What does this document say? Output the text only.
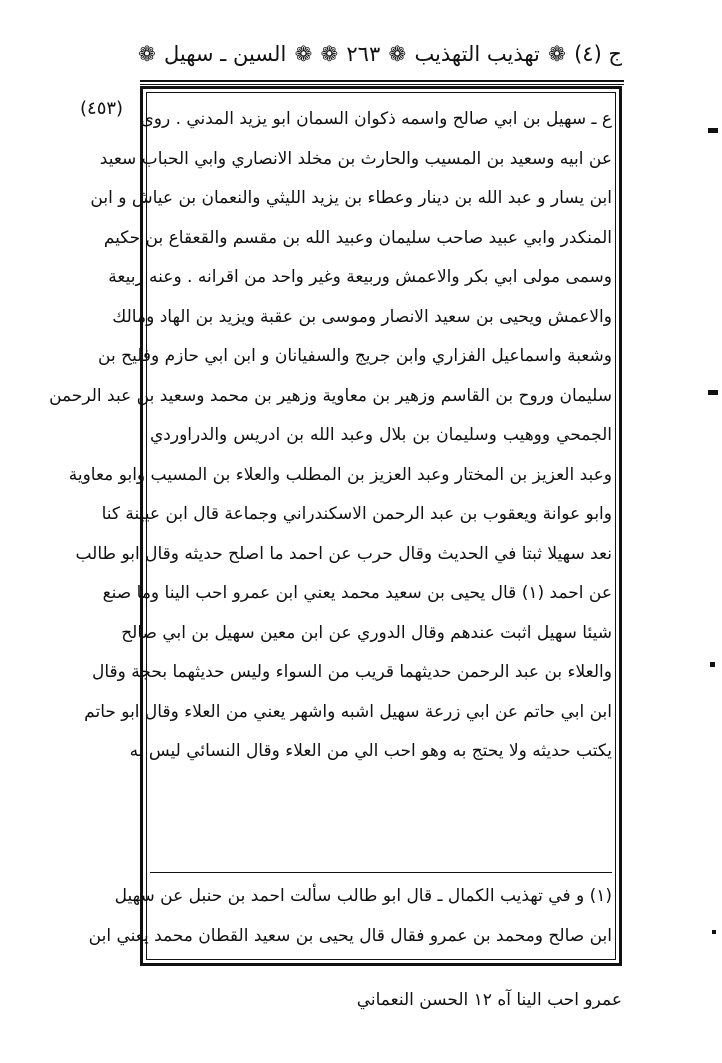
ج (٤)
❁
تهذيب التهذيب
❁
٢٦٣
❁
❁
السين ـ سهيل
❁
(٤٥٣) ع ـ سهيل بن ابي صالح واسمه ذكوان السمان ابو يزيد المدني . روى
عن ابيه وسعيد بن المسيب والحارث بن مخلد الانصاري وابي الحباب سعيد
ابن يسار و عبد الله بن دينار وعطاء بن يزيد الليثي والنعمان بن عياش و ابن
المنكدر وابي عبيد صاحب سليمان وعبيد الله بن مقسم والقعقاع بن حكيم
وسمى مولى ابي بكر والاعمش وربيعة وغير واحد من اقرانه . وعنه ربيعة
والاعمش ويحيى بن سعيد الانصار وموسى بن عقبة ويزيد بن الهاد ومالك
وشعبة واسماعيل الفزاري وابن جريج والسفيانان و ابن ابي حازم وفليح بن
سليمان وروح بن القاسم وزهير بن معاوية وزهير بن محمد وسعيد بن عبد الرحمن
الجمحي ووهيب وسليمان بن بلال وعبد الله بن ادريس والدراوردي
وعبد العزيز بن المختار وعبد العزيز بن المطلب والعلاء بن المسيب وابو معاوية
وابو عوانة ويعقوب بن عبد الرحمن الاسكندراني وجماعة قال ابن عيينة كنا
نعد سهيلا ثبتا في الحديث وقال حرب عن احمد ما اصلح حديثه وقال ابو طالب
عن احمد (١) قال يحيى بن سعيد محمد يعني ابن عمرو احب الينا وما صنع
شيئا سهيل اثبت عندهم وقال الدوري عن ابن معين سهيل بن ابي صالح
والعلاء بن عبد الرحمن حديثهما قريب من السواء وليس حديثهما بحجة وقال
ابن ابي حاتم عن ابي زرعة سهيل اشبه واشهر يعني من العلاء وقال ابو حاتم
يكتب حديثه ولا يحتج به وهو احب الي من العلاء وقال النسائي ليس به
(١) و في تهذيب الكمال ـ قال ابو طالب سألت احمد بن حنبل عن سهيل
ابن صالح ومحمد بن عمرو فقال قال يحيى بن سعيد القطان محمد يعني ابن
عمرو احب الينا آه ١٢ الحسن النعماني
